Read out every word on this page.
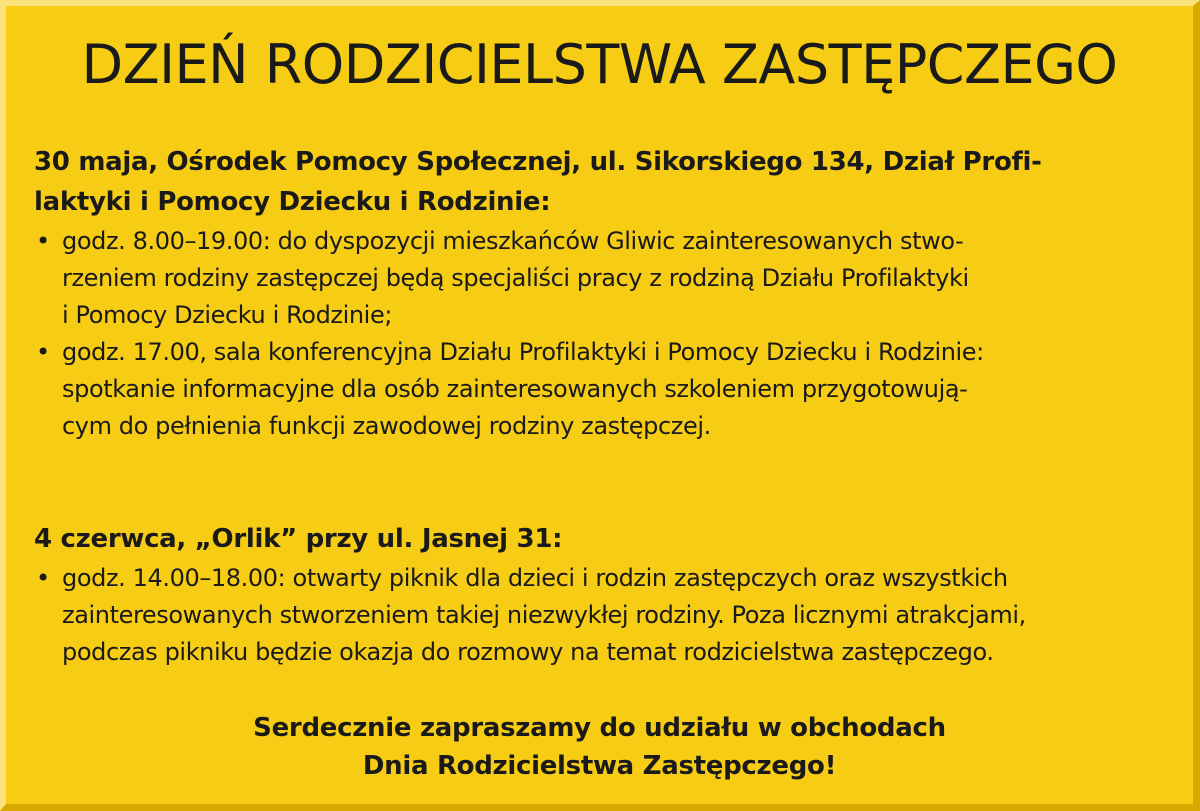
DZIEŃ RODZICIELSTWA ZASTĘPCZEGO

30 maja, Ośrodek Pomocy Społecznej, ul. Sikorskiego 134, Dział Profi-
laktyki i Pomocy Dziecku i Rodzinie:

• godz. 8.00–19.00: do dyspozycji mieszkańców Gliwic zainteresowanych stwo-
rzeniem rodziny zastępczej będą specjaliści pracy z rodziną Działu Profilaktyki
i Pomocy Dziecku i Rodzinie;
• godz. 17.00, sala konferencyjna Działu Profilaktyki i Pomocy Dziecku i Rodzinie:
spotkanie informacyjne dla osób zainteresowanych szkoleniem przygotowują-
cym do pełnienia funkcji zawodowej rodziny zastępczej.

4 czerwca, „Orlik” przy ul. Jasnej 31:

• godz. 14.00–18.00: otwarty piknik dla dzieci i rodzin zastępczych oraz wszystkich
zainteresowanych stworzeniem takiej niezwykłej rodziny. Poza licznymi atrakcjami,
podczas pikniku będzie okazja do rozmowy na temat rodzicielstwa zastępczego.
Serdecznie zapraszamy do udziału w obchodach
Dnia Rodzicielstwa Zastępczego!
